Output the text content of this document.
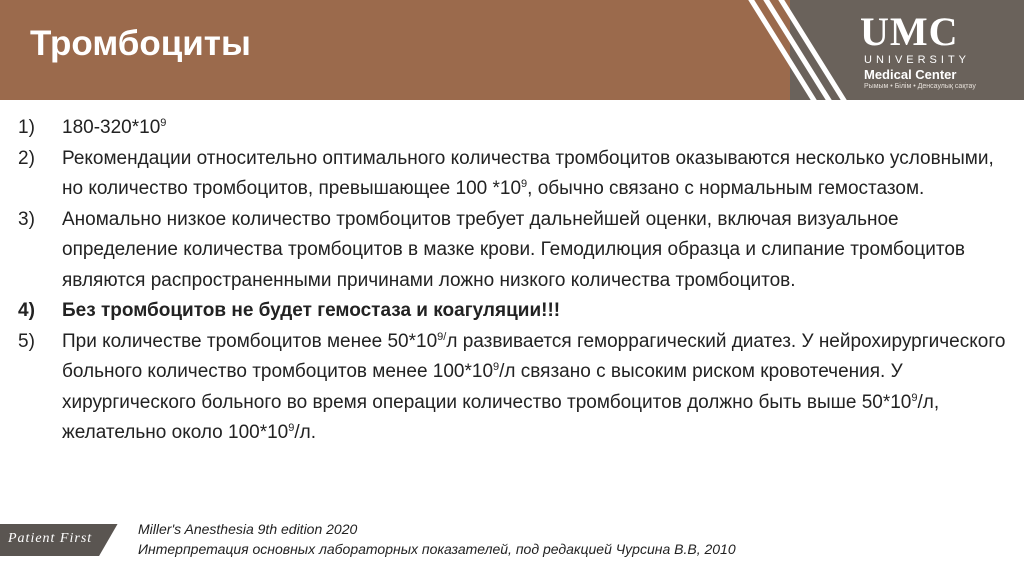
Тромбоциты	UMC
UNIVERSITY
Medical Center
Рымым • Білім • Денсаулық сақтау
1)	$180-320*10^9$
2)	Рекомендации относительно оптимального количества тромбоцитов оказываются несколько условными, но количество тромбоцитов, превышающее 100 $*10^9$, обычно связано с нормальным гемостазом.
3)	Аномально низкое количество тромбоцитов требует дальнейшей оценки, включая визуальное определение количества тромбоцитов в мазке крови. Гемодилюция образца и слипание тромбоцитов являются распространенными причинами ложно низкого количества тромбоцитов.
4)	Без тромбоцитов не будет гемостаза и коагуляции!!!
5)	При количестве тромбоцитов менее $50*10^{9/}л$ развивается геморрагический диатез. У нейрохирургического больного количество тромбоцитов менее $100*10^9/л$ связано с высоким риском кровотечения. У хирургического больного во время операции количество тромбоцитов должно быть выше $50*10^9/л$, желательно около $100*10^9/л$.
Patient First
Miller's Anesthesia 9th edition 2020
Интерпретация основных лабораторных показателей, под редакцией Чурсина В.В, 2010
